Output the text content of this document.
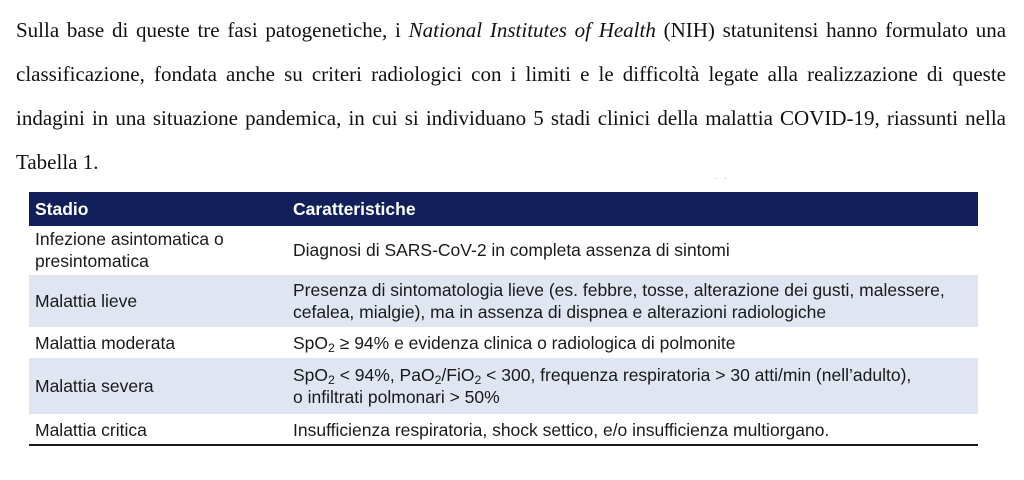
Sulla base di queste tre fasi patogenetiche, i National Institutes of Health (NIH) statunitensi hanno formulato una classificazione, fondata anche su criteri radiologici con i limiti e le difficoltà legate alla realizzazione di queste indagini in una situazione pandemica, in cui si individuano 5 stadi clinici della malattia COVID-19, riassunti nella Tabella 1.

· ·
Stadio	Caratteristiche
Infezione asintomatica o presintomatica	Diagnosi di SARS-CoV-2 in completa assenza di sintomi
Malattia lieve	Presenza di sintomatologia lieve (es. febbre, tosse, alterazione dei gusti, malessere, cefalea, mialgie), ma in assenza di dispnea e alterazioni radiologiche
Malattia moderata	SpO$_2$ ≥ 94% e evidenza clinica o radiologica di polmonite
Malattia severa	SpO$_2$ < 94%, PaO$_2$/FiO$_2$ < 300, frequenza respiratoria > 30 atti/min (nell’adulto),
o infiltrati polmonari > 50%
Malattia critica	Insufficienza respiratoria, shock settico, e/o insufficienza multiorgano.
